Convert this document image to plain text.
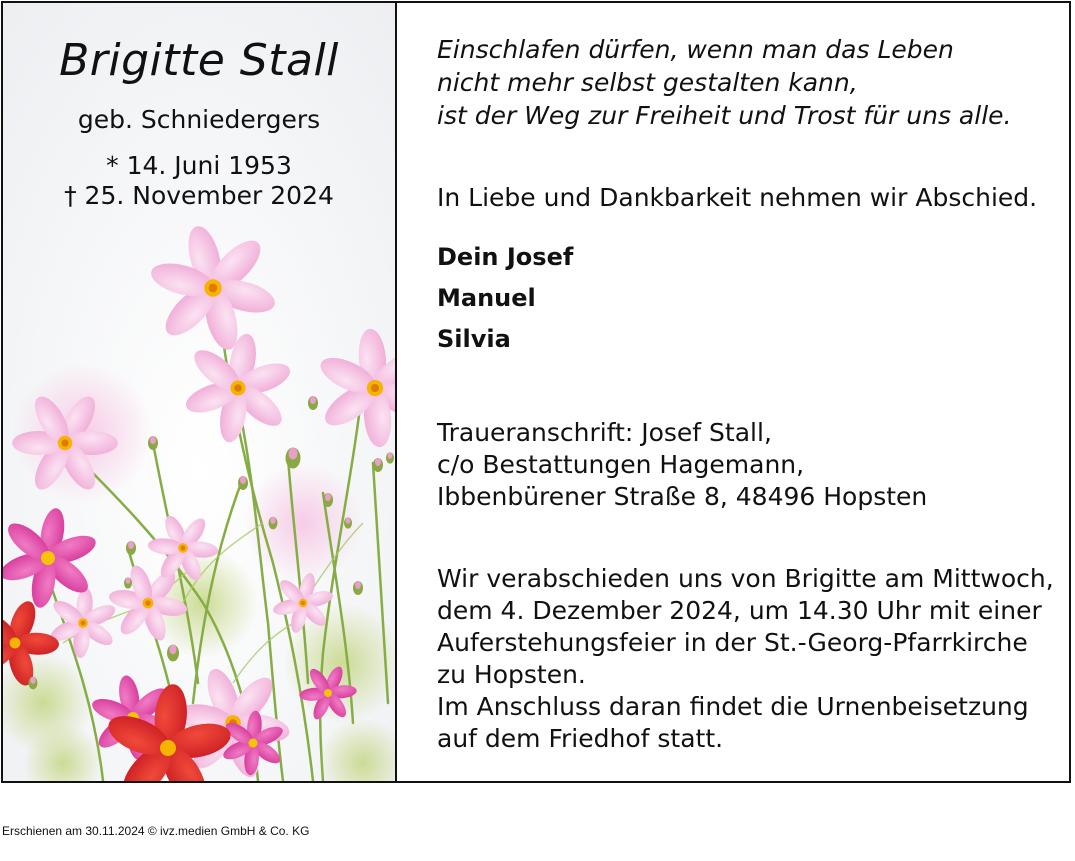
Brigitte Stall
geb. Schniedergers
* 14. Juni 1953
† 25. November 2024
Einschlafen dürfen, wenn man das Leben
nicht mehr selbst gestalten kann,
ist der Weg zur Freiheit und Trost für uns alle.
In Liebe und Dankbarkeit nehmen wir Abschied.
Dein Josef
Manuel
Silvia
Traueranschrift: Josef Stall,
c/o Bestattungen Hagemann,
Ibbenbürener Straße 8, 48496 Hopsten
Wir verabschieden uns von Brigitte am Mittwoch,
dem 4. Dezember 2024, um 14.30 Uhr mit einer
Auferstehungsfeier in der St.-Georg-Pfarrkirche
zu Hopsten.
Im Anschluss daran findet die Urnenbeisetzung
auf dem Friedhof statt.
Erschienen am 30.11.2024 © ivz.medien GmbH & Co. KG
